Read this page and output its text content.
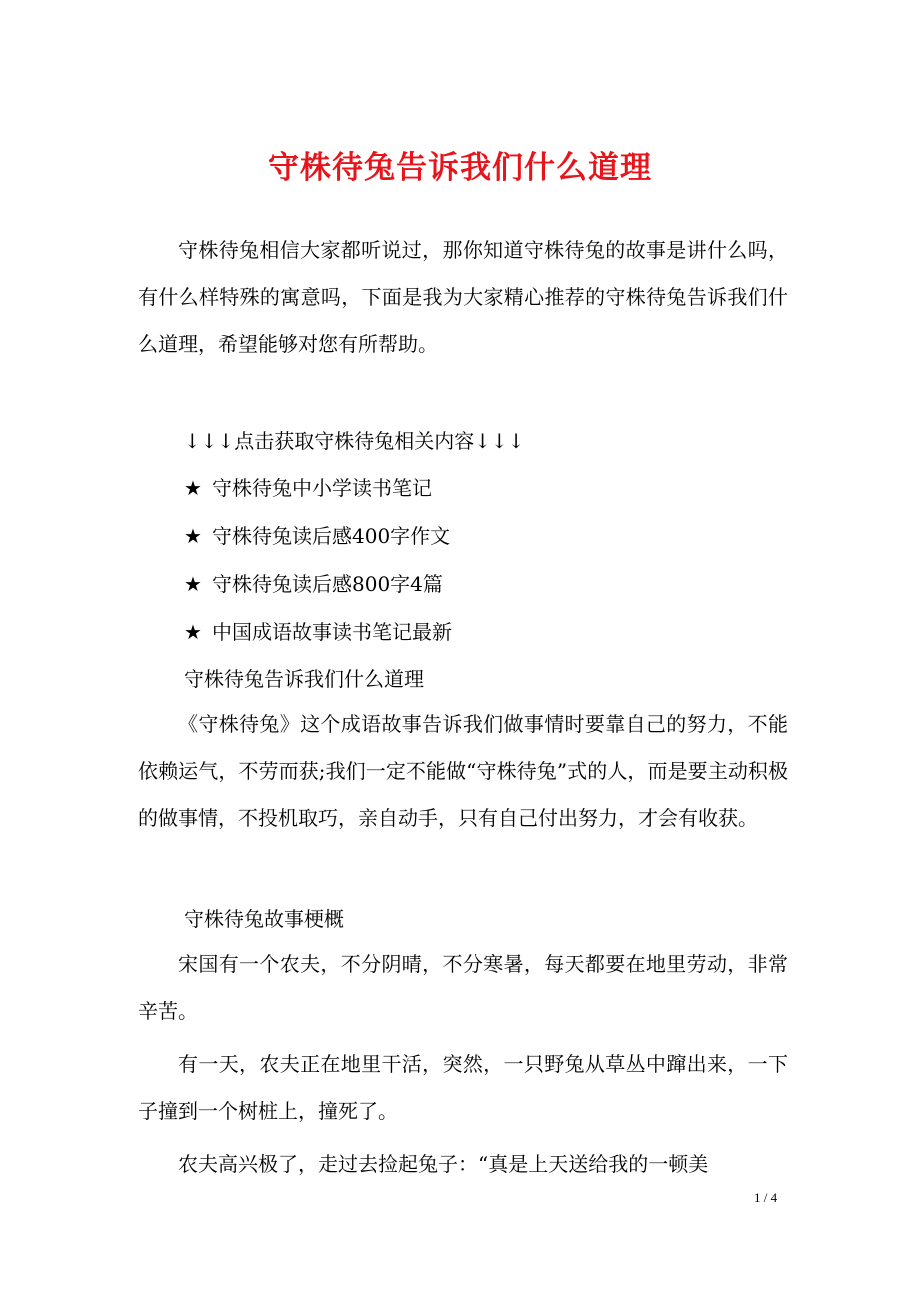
守株待兔告诉我们什么道理
守株待兔相信大家都听说过，那你知道守株待兔的故事是讲什么吗，有什么样特殊的寓意吗，下面是我为大家精心推荐的守株待兔告诉我们什么道理，希望能够对您有所帮助。
↓↓↓点击获取守株待兔相关内容↓↓↓
★ 守株待兔中小学读书笔记
★ 守株待兔读后感400字作文
★ 守株待兔读后感800字4篇
★ 中国成语故事读书笔记最新
守株待兔告诉我们什么道理
《守株待兔》这个成语故事告诉我们做事情时要靠自己的努力，不能依赖运气，不劳而获;我们一定不能做“守株待兔”式的人，而是要主动积极的做事情，不投机取巧，亲自动手，只有自己付出努力，才会有收获。
守株待兔故事梗概
宋国有一个农夫，不分阴晴，不分寒暑，每天都要在地里劳动，非常辛苦。
有一天，农夫正在地里干活，突然，一只野兔从草丛中蹿出来，一下子撞到一个树桩上，撞死了。
农夫高兴极了，走过去捡起兔子：“真是上天送给我的一顿美
1 / 4
